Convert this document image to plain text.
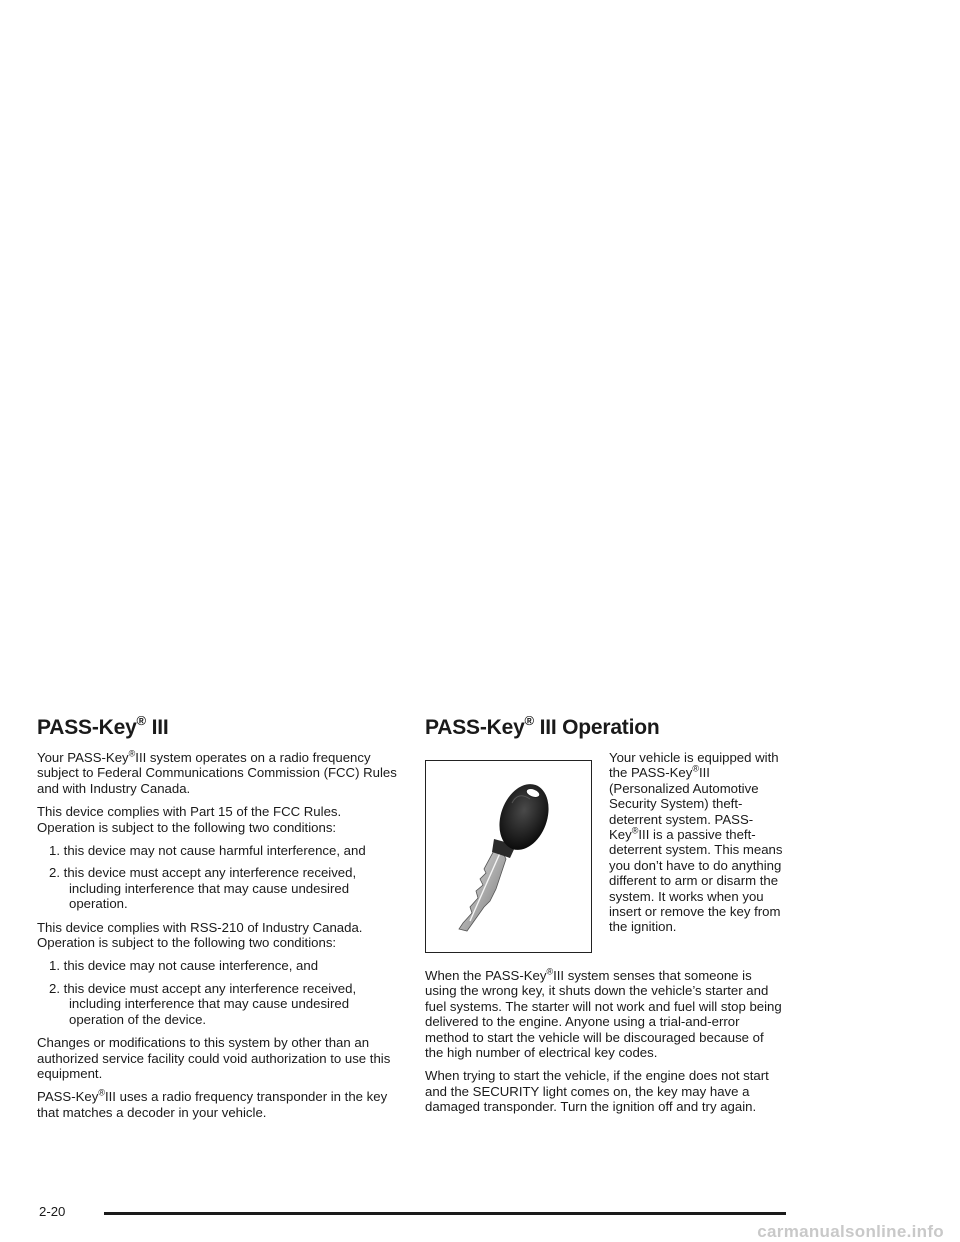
PASS-Key® III

Your PASS-Key®III system operates on a radio frequency subject to Federal Communications Commission (FCC) Rules and with Industry Canada.

This device complies with Part 15 of the FCC Rules. Operation is subject to the following two conditions:

1. this device may not cause harmful interference, and
2. this device must accept any interference received, including interference that may cause undesired operation.

This device complies with RSS-210 of Industry Canada. Operation is subject to the following two conditions:

1. this device may not cause interference, and
2. this device must accept any interference received, including interference that may cause undesired operation of the device.

Changes or modifications to this system by other than an authorized service facility could void authorization to use this equipment.

PASS-Key®III uses a radio frequency transponder in the key that matches a decoder in your vehicle.

PASS-Key® III Operation
Your vehicle is equipped with the PASS-Key®III (Personalized Automotive Security System) theft-deterrent system. PASS-Key®III is a passive theft-deterrent system. This means you don’t have to do anything different to arm or disarm the system. It works when you insert or remove the key from the ignition.

When the PASS-Key®III system senses that someone is using the wrong key, it shuts down the vehicle’s starter and fuel systems. The starter will not work and fuel will stop being delivered to the engine. Anyone using a trial-and-error method to start the vehicle will be discouraged because of the high number of electrical key codes.

When trying to start the vehicle, if the engine does not start and the SECURITY light comes on, the key may have a damaged transponder. Turn the ignition off and try again.

2-20
carmanualsonline.info
